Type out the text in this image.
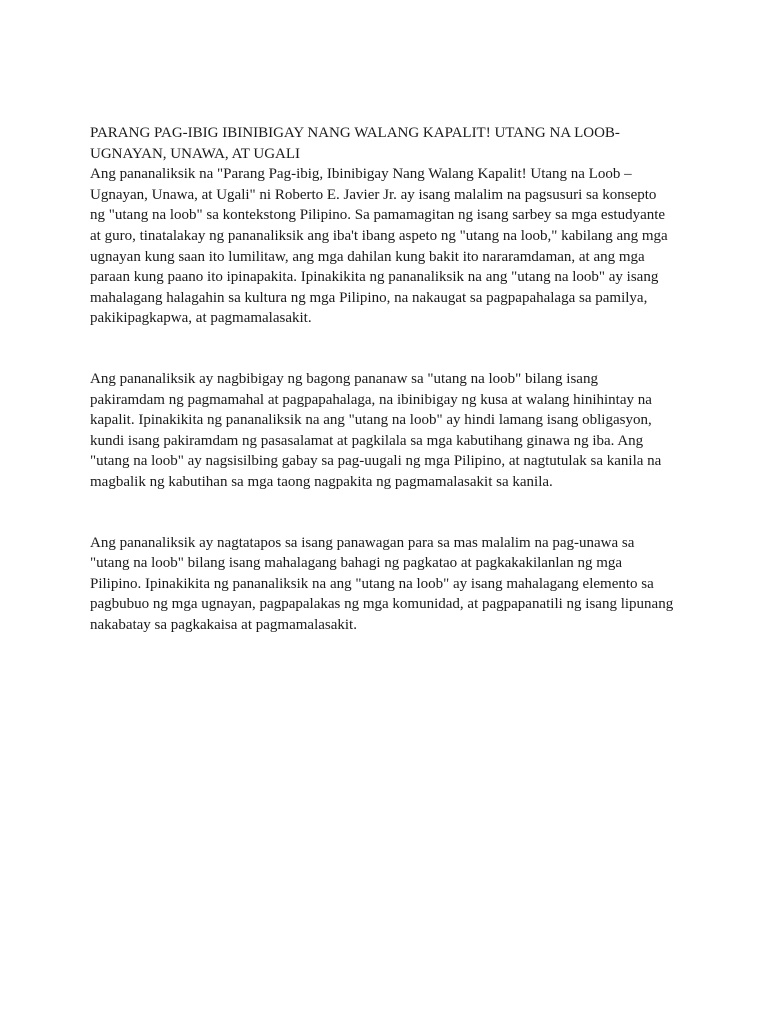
PARANG PAG-IBIG IBINIBIGAY NANG WALANG KAPALIT! UTANG NA LOOB-
UGNAYAN, UNAWA, AT UGALI

Ang pananaliksik na "Parang Pag-ibig, Ibinibigay Nang Walang Kapalit! Utang na Loob –
Ugnayan, Unawa, at Ugali" ni Roberto E. Javier Jr. ay isang malalim na pagsusuri sa konsepto
ng "utang na loob" sa kontekstong Pilipino. Sa pamamagitan ng isang sarbey sa mga estudyante
at guro, tinatalakay ng pananaliksik ang iba't ibang aspeto ng "utang na loob," kabilang ang mga
ugnayan kung saan ito lumilitaw, ang mga dahilan kung bakit ito nararamdaman, at ang mga
paraan kung paano ito ipinapakita. Ipinakikita ng pananaliksik na ang "utang na loob" ay isang
mahalagang halagahin sa kultura ng mga Pilipino, na nakaugat sa pagpapahalaga sa pamilya,
pakikipagkapwa, at pagmamalasakit.

Ang pananaliksik ay nagbibigay ng bagong pananaw sa "utang na loob" bilang isang
pakiramdam ng pagmamahal at pagpapahalaga, na ibinibigay ng kusa at walang hinihintay na
kapalit. Ipinakikita ng pananaliksik na ang "utang na loob" ay hindi lamang isang obligasyon,
kundi isang pakiramdam ng pasasalamat at pagkilala sa mga kabutihang ginawa ng iba. Ang
"utang na loob" ay nagsisilbing gabay sa pag-uugali ng mga Pilipino, at nagtutulak sa kanila na
magbalik ng kabutihan sa mga taong nagpakita ng pagmamalasakit sa kanila.

Ang pananaliksik ay nagtatapos sa isang panawagan para sa mas malalim na pag-unawa sa
"utang na loob" bilang isang mahalagang bahagi ng pagkatao at pagkakakilanlan ng mga
Pilipino. Ipinakikita ng pananaliksik na ang "utang na loob" ay isang mahalagang elemento sa
pagbubuo ng mga ugnayan, pagpapalakas ng mga komunidad, at pagpapanatili ng isang lipunang
nakabatay sa pagkakaisa at pagmamalasakit.
